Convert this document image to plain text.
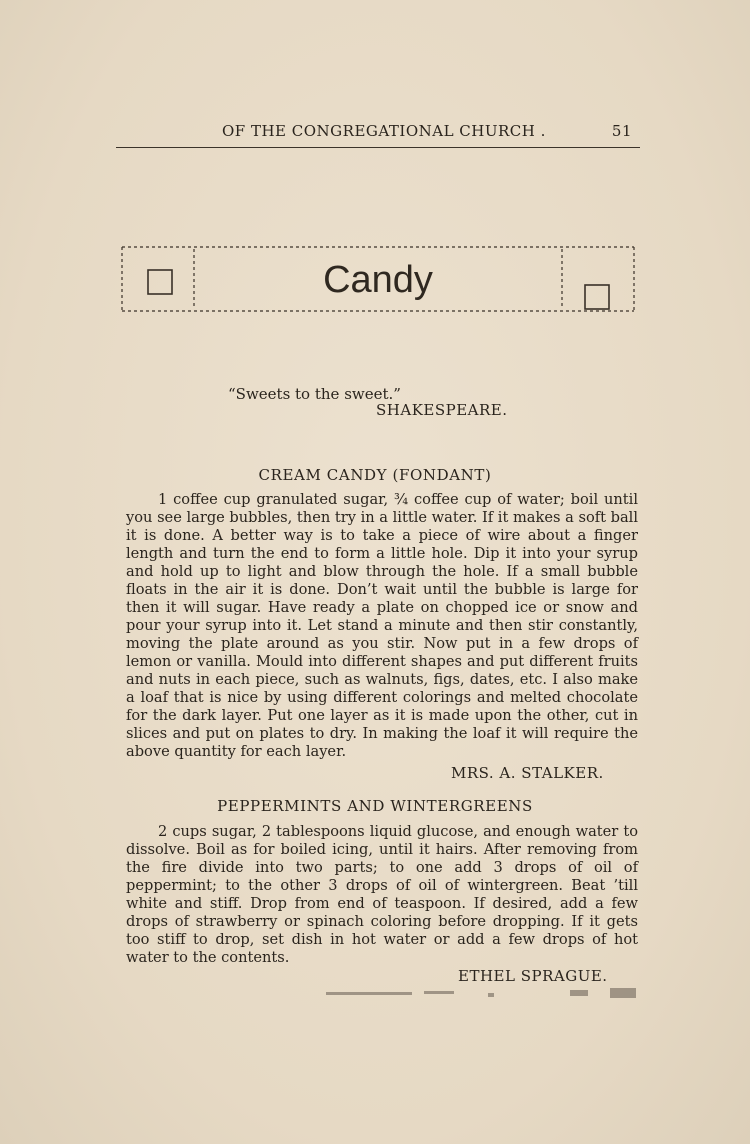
OF THE CONGREGATIONAL CHURCH .	51
Candy
“Sweets to the sweet.”
SHAKESPEARE.
CREAM CANDY (FONDANT)

1 coffee cup granulated sugar, ¾ coffee cup of water; boil until you see large bubbles, then try in a little water. If it makes a soft ball it is done. A better way is to take a piece of wire about a finger length and turn the end to form a little hole. Dip it into your syrup and hold up to light and blow through the hole. If a small bubble floats in the air it is done. Don’t wait until the bubble is large for then it will sugar. Have ready a plate on chopped ice or snow and pour your syrup into it. Let stand a minute and then stir constantly, moving the plate around as you stir. Now put in a few drops of lemon or vanilla. Mould into different shapes and put different fruits and nuts in each piece, such as walnuts, figs, dates, etc. I also make a loaf that is nice by using different colorings and melted chocolate for the dark layer. Put one layer as it is made upon the other, cut in slices and put on plates to dry. In making the loaf it will require the above quantity for each layer.

MRS. A. STALKER.
PEPPERMINTS AND WINTERGREENS

2 cups sugar, 2 tablespoons liquid glucose, and enough water to dissolve. Boil as for boiled icing, until it hairs. After removing from the fire divide into two parts; to one add 3 drops of oil of peppermint; to the other 3 drops of oil of wintergreen. Beat ’till white and stiff. Drop from end of teaspoon. If desired, add a few drops of strawberry or spinach coloring before dropping. If it gets too stiff to drop, set dish in hot water or add a few drops of hot water to the contents.

ETHEL SPRAGUE.
